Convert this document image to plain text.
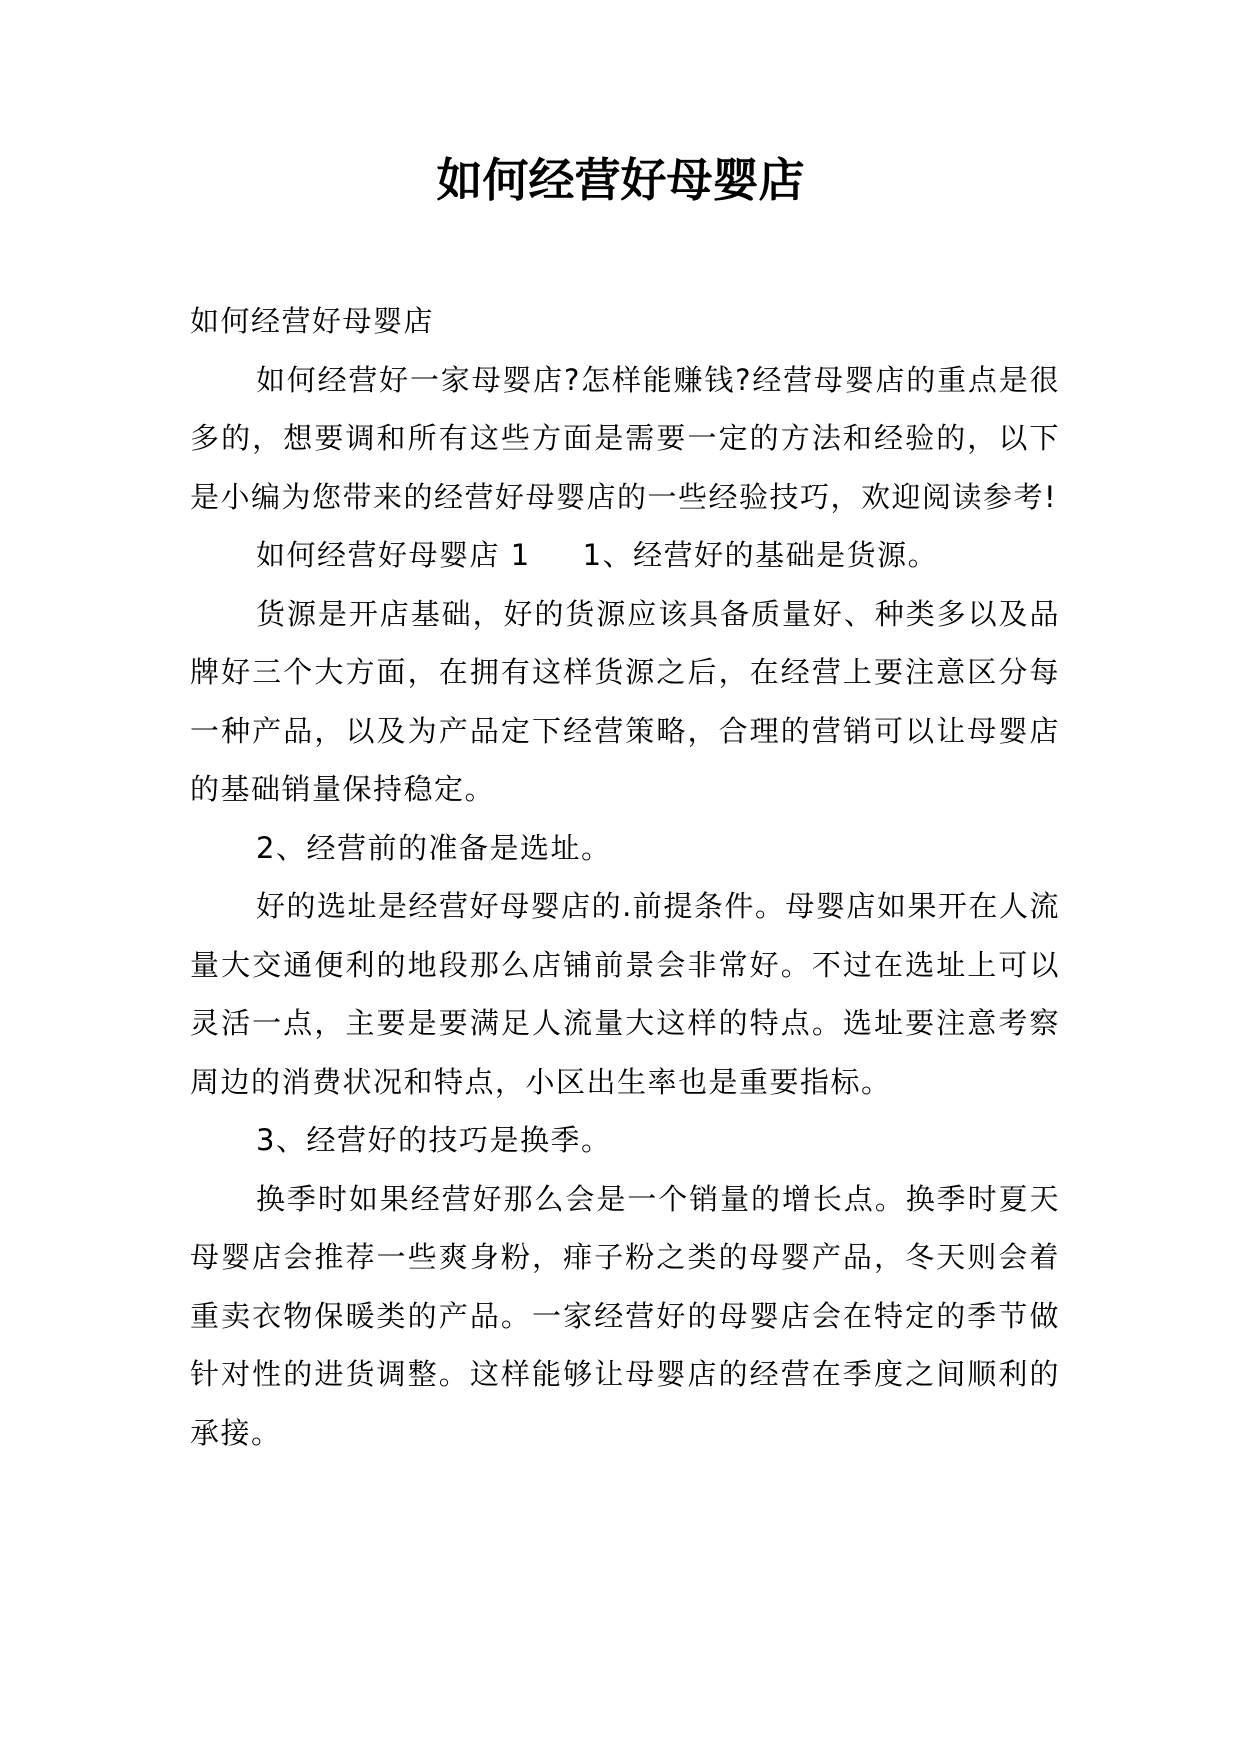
如何经营好母婴店

如何经营好母婴店

如何经营好一家母婴店?怎样能赚钱?经营母婴店的重点是很多的，想要调和所有这些方面是需要一定的方法和经验的，以下是小编为您带来的经营好母婴店的一些经验技巧，欢迎阅读参考!

如何经营好母婴店 1 1、经营好的基础是货源。

货源是开店基础，好的货源应该具备质量好、种类多以及品牌好三个大方面，在拥有这样货源之后，在经营上要注意区分每一种产品，以及为产品定下经营策略，合理的营销可以让母婴店的基础销量保持稳定。

2、经营前的准备是选址。

好的选址是经营好母婴店的.前提条件。母婴店如果开在人流量大交通便利的地段那么店铺前景会非常好。不过在选址上可以灵活一点，主要是要满足人流量大这样的特点。选址要注意考察周边的消费状况和特点，小区出生率也是重要指标。

3、经营好的技巧是换季。

换季时如果经营好那么会是一个销量的增长点。换季时夏天母婴店会推荐一些爽身粉，痱子粉之类的母婴产品，冬天则会着重卖衣物保暖类的产品。一家经营好的母婴店会在特定的季节做针对性的进货调整。这样能够让母婴店的经营在季度之间顺利的承接。
